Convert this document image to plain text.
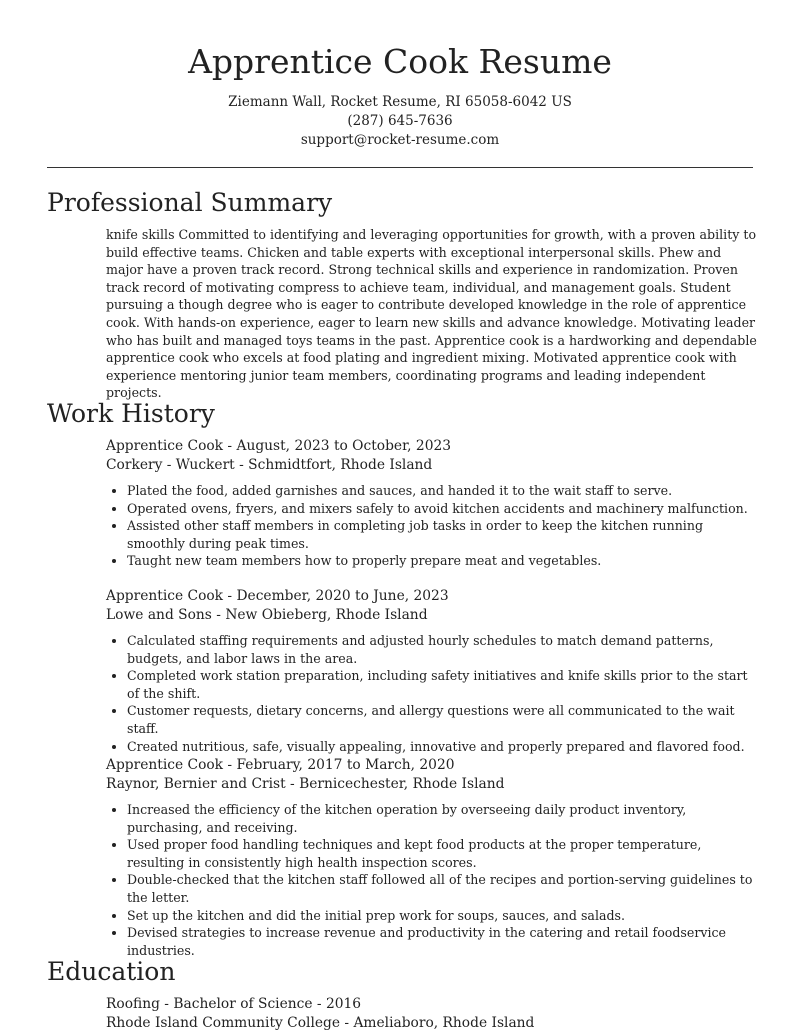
Apprentice Cook Resume
Ziemann Wall, Rocket Resume, RI 65058-6042 US
(287) 645-7636
support@rocket-resume.com
Professional Summary

knife skills Committed to identifying and leveraging opportunities for growth, with a proven ability to build effective teams. Chicken and table experts with exceptional interpersonal skills. Phew and major have a proven track record. Strong technical skills and experience in randomization. Proven track record of motivating compress to achieve team, individual, and management goals. Student pursuing a though degree who is eager to contribute developed knowledge in the role of apprentice cook. With hands-on experience, eager to learn new skills and advance knowledge. Motivating leader who has built and managed toys teams in the past. Apprentice cook is a hardworking and dependable apprentice cook who excels at food plating and ingredient mixing. Motivated apprentice cook with experience mentoring junior team members, coordinating programs and leading independent projects.

Work History
Apprentice Cook - August, 2023 to October, 2023
Corkery - Wuckert - Schmidtfort, Rhode Island
• Plated the food, added garnishes and sauces, and handed it to the wait staff to serve.
• Operated ovens, fryers, and mixers safely to avoid kitchen accidents and machinery malfunction.
• Assisted other staff members in completing job tasks in order to keep the kitchen running smoothly during peak times.
• Taught new team members how to properly prepare meat and vegetables.
Apprentice Cook - December, 2020 to June, 2023
Lowe and Sons - New Obieberg, Rhode Island
• Calculated staffing requirements and adjusted hourly schedules to match demand patterns, budgets, and labor laws in the area.
• Completed work station preparation, including safety initiatives and knife skills prior to the start of the shift.
• Customer requests, dietary concerns, and allergy questions were all communicated to the wait staff.
• Created nutritious, safe, visually appealing, innovative and properly prepared and flavored food.
Apprentice Cook - February, 2017 to March, 2020
Raynor, Bernier and Crist - Bernicechester, Rhode Island
• Increased the efficiency of the kitchen operation by overseeing daily product inventory, purchasing, and receiving.
• Used proper food handling techniques and kept food products at the proper temperature, resulting in consistently high health inspection scores.
• Double-checked that the kitchen staff followed all of the recipes and portion-serving guidelines to the letter.
• Set up the kitchen and did the initial prep work for soups, sauces, and salads.
• Devised strategies to increase revenue and productivity in the catering and retail foodservice industries.
Education
Roofing - Bachelor of Science - 2016
Rhode Island Community College - Ameliaboro, Rhode Island
